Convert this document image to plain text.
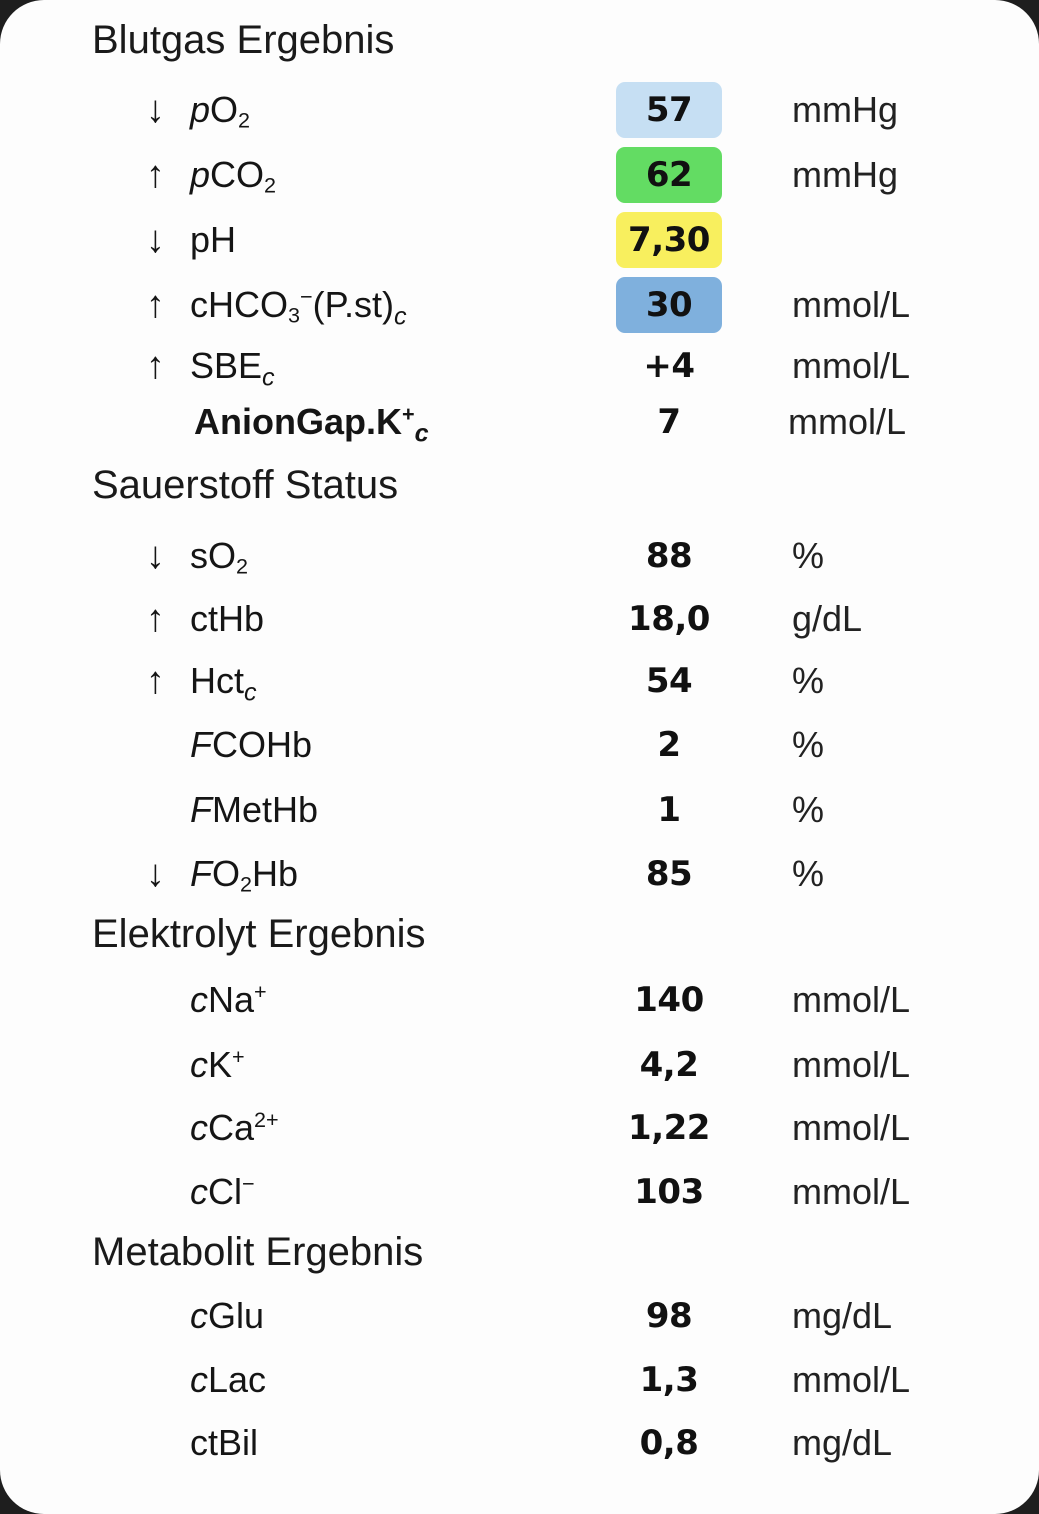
Blutgas Ergebnis
↓ $pO_2$	57	mmHg
↑ pCO$_2$	62	mmHg
↓ pH	7,30
↑ $cHCO_3^-(P.st)_c$	30	mmol/L
↑ $SBE_c$	+4	mmol/L
$AnionGap.K^+_c$	7	mmol/L
Sauerstoff Status
↓ $sO_2$	88	%
↑ ctHb	18,0	g/dL
↑ Hct$_c$	54	%
FCOHb	2	%
FMetHb	1	%
↓ $FO_2Hb$	85	%
Elektrolyt Ergebnis
cNa+	140	mmol/L
cK+	4,2	mmol/L
cCa$^{2+}$	1,22	mmol/L
cCl−	103	mmol/L
Metabolit Ergebnis
cGlu	98	mg/dL
cLac	1,3	mmol/L
ctBil	0,8	mg/dL
